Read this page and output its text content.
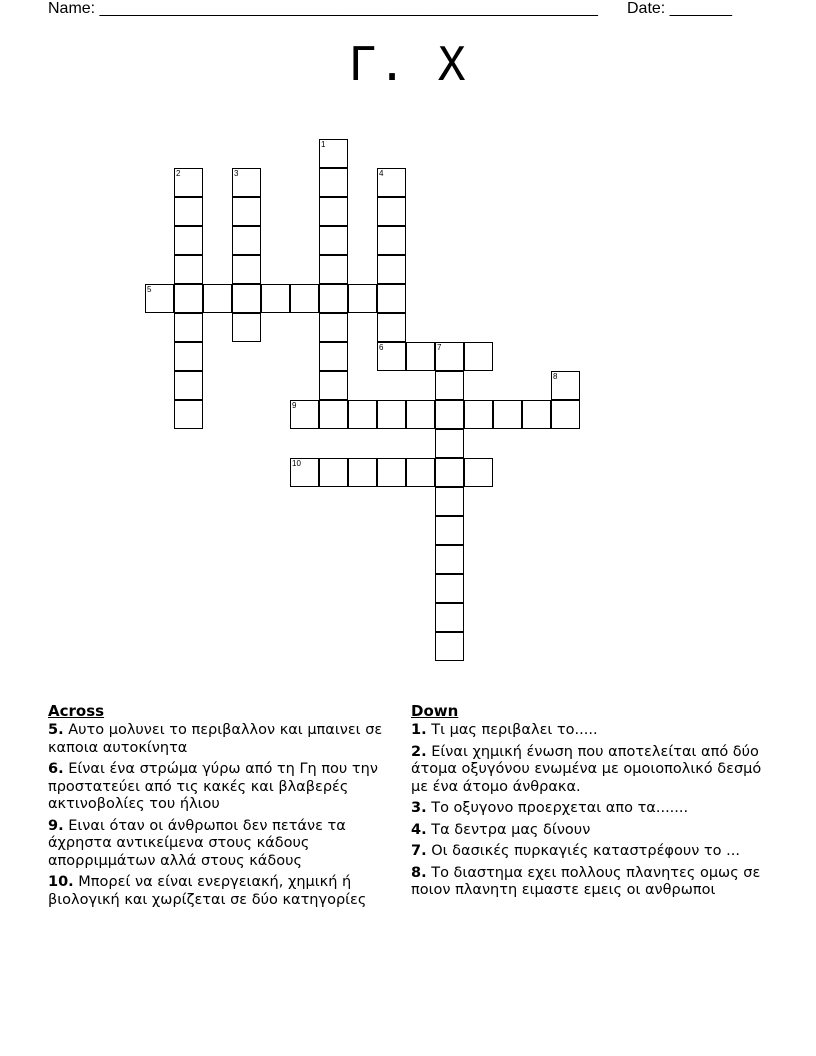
Name: ________________________________________________________ Date: _______
Γ. Χ
1
2	3	4
6
5
7
8
9
10
Across
5. Αυτο μολυνει το περιβαλλον και μπαινει σε καποια αυτοκίνητα
6. Είναι ένα στρώμα γύρω από τη Γη που την προστατεύει από τις κακές και βλαβερές ακτινοβολίες του ήλιου
9. Ειναι όταν οι άνθρωποι δεν πετάνε τα άχρηστα αντικείμενα στους κάδους απορριμμάτων αλλά στους κάδους
10. Μπορεί να είναι ενεργειακή, χημική ή βιολογική και χωρίζεται σε δύο κατηγορίες
Down
1. Τι μας περιβαλει το.....
2. Είναι χημική ένωση που αποτελείται από δύο άτομα οξυγόνου ενωμένα με ομοιοπολικό δεσμό με ένα άτομο άνθρακα.
3. Το οξυγονο προερχεται απο τα.......
4. Τα δεντρα μας δίνουν
7. Οι δασικές πυρκαγιές καταστρέφουν το ...
8. Το διαστημα εχει πολλους πλανητες ομως σε ποιον πλανητη ειμαστε εμεις οι ανθρωποι
